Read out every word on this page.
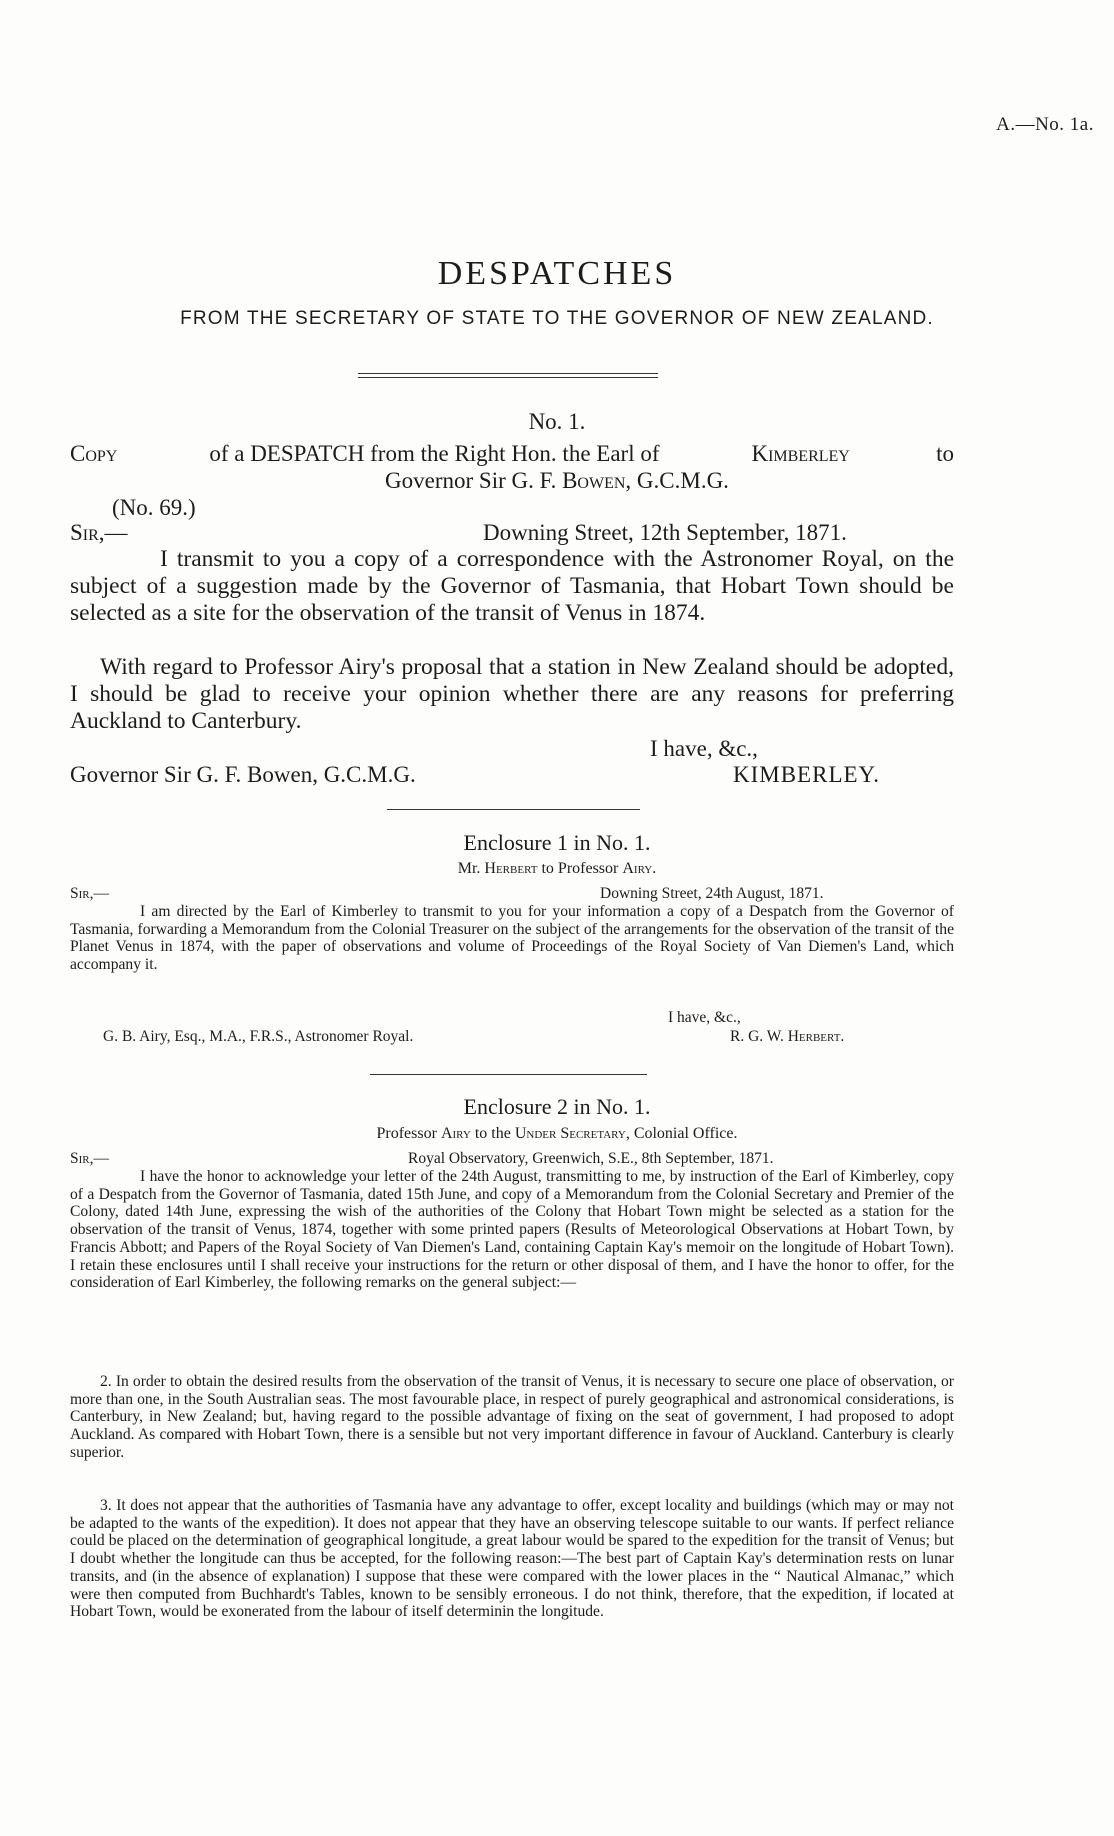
A.—No. 1a.
DESPATCHES
FROM THE SECRETARY OF STATE TO THE GOVERNOR OF NEW ZEALAND.
No. 1.
Copy	of a DESPATCH from the Right Hon. the Earl of	Kimberley	to
Governor Sir G. F. Bowen, G.C.M.G.
(No. 69.)
Sir,—	Downing Street, 12th September, 1871.
I transmit to you a copy of a correspondence with the Astronomer Royal, on the subject of a suggestion made by the Governor of Tasmania, that Hobart Town should be selected as a site for the observation of the transit of Venus in 1874.
With regard to Professor Airy's proposal that a station in New Zealand should be adopted, I should be glad to receive your opinion whether there are any reasons for preferring Auckland to Canterbury.
I have, &c.,
Governor Sir G. F. Bowen, G.C.M.G.	KIMBERLEY.
Enclosure 1 in No. 1.
Mr. Herbert to Professor Airy.
Sir,—	Downing Street, 24th August, 1871.
I am directed by the Earl of Kimberley to transmit to you for your information a copy of a Despatch from the Governor of Tasmania, forwarding a Memorandum from the Colonial Treasurer on the subject of the arrangements for the observation of the transit of the Planet Venus in 1874, with the paper of observations and volume of Proceedings of the Royal Society of Van Diemen's Land, which accompany it.
I have, &c.,
G. B. Airy, Esq., M.A., F.R.S., Astronomer Royal.	R. G. W. Herbert.
Enclosure 2 in No. 1.
Professor Airy to the Under Secretary, Colonial Office.
Sir,—	Royal Observatory, Greenwich, S.E., 8th September, 1871.
I have the honor to acknowledge your letter of the 24th August, transmitting to me, by instruction of the Earl of Kimberley, copy of a Despatch from the Governor of Tasmania, dated 15th June, and copy of a Memorandum from the Colonial Secretary and Premier of the Colony, dated 14th June, expressing the wish of the authorities of the Colony that Hobart Town might be selected as a station for the observation of the transit of Venus, 1874, together with some printed papers (Results of Meteorological Observations at Hobart Town, by Francis Abbott; and Papers of the Royal Society of Van Diemen's Land, containing Captain Kay's memoir on the longitude of Hobart Town). I retain these enclosures until I shall receive your instructions for the return or other disposal of them, and I have the honor to offer, for the consideration of Earl Kimberley, the following remarks on the general subject:—
2. In order to obtain the desired results from the observation of the transit of Venus, it is necessary to secure one place of observation, or more than one, in the South Australian seas. The most favourable place, in respect of purely geographical and astronomical considerations, is Canterbury, in New Zealand; but, having regard to the possible advantage of fixing on the seat of government, I had proposed to adopt Auckland. As compared with Hobart Town, there is a sensible but not very important difference in favour of Auckland. Canterbury is clearly superior.
3. It does not appear that the authorities of Tasmania have any advantage to offer, except locality and buildings (which may or may not be adapted to the wants of the expedition). It does not appear that they have an observing telescope suitable to our wants. If perfect reliance could be placed on the determination of geographical longitude, a great labour would be spared to the expedition for the transit of Venus; but I doubt whether the longitude can thus be accepted, for the following reason:—The best part of Captain Kay's determination rests on lunar transits, and (in the absence of explanation) I suppose that these were compared with the lower places in the “ Nautical Almanac,” which were then computed from Buchhardt's Tables, known to be sensibly erroneous. I do not think, therefore, that the expedition, if located at Hobart Town, would be exonerated from the labour of itself determinin the longitude.
